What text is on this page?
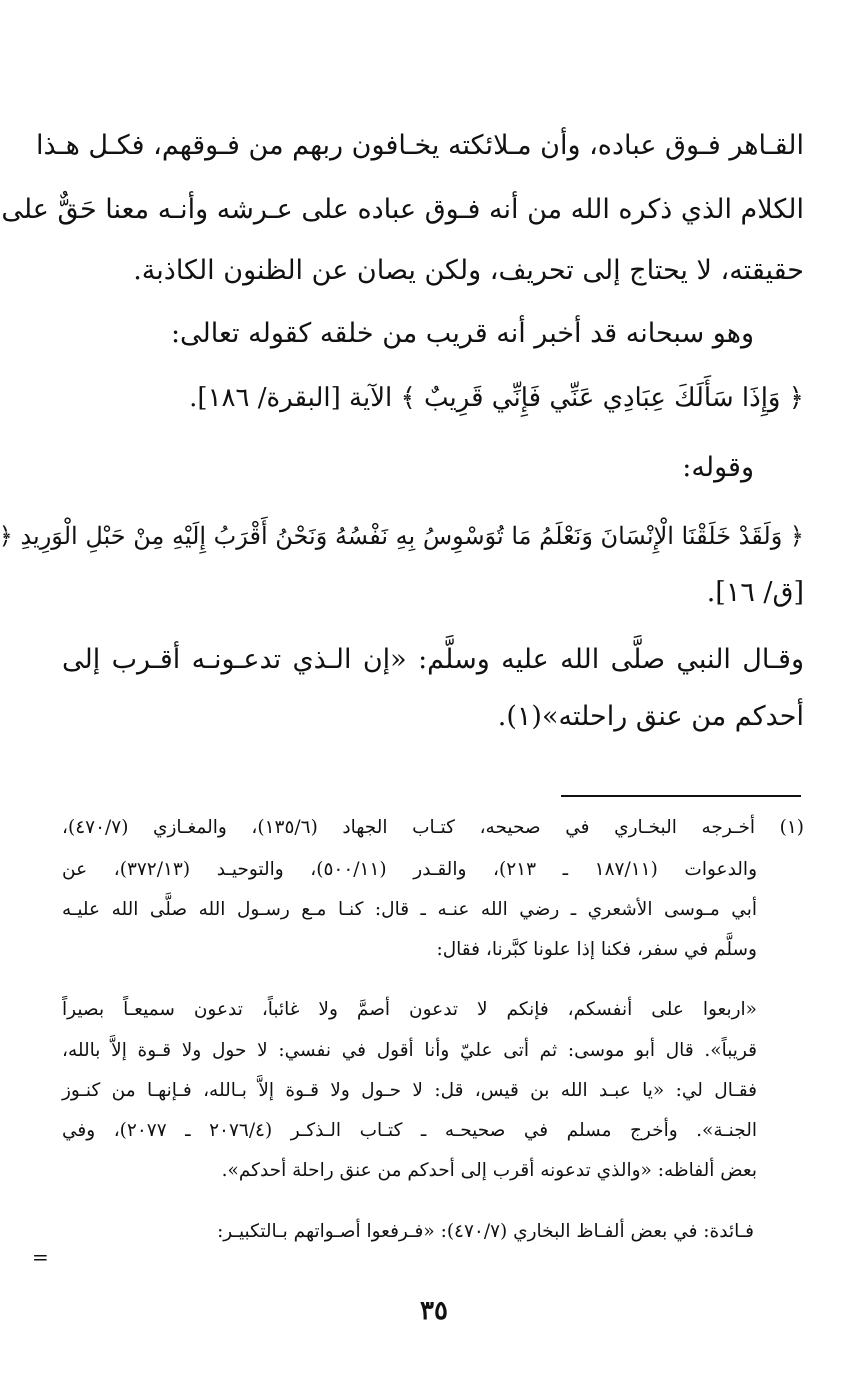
القـاهر فـوق عباده، وأن مـلائكته يخـافون ربهم من فـوقهم، فكـل هـذا
الكلام الذي ذكره الله من أنه فـوق عباده على عـرشه وأنـه معنا حَقٌّ على
حقيقته، لا يحتاج إلى تحريف، ولكن يصان عن الظنون الكاذبة.
وهو سبحانه قد أخبر أنه قريب من خلقه كقوله تعالى:
﴿ وَإِذَا سَأَلَكَ عِبَادِي عَنِّي فَإِنِّي قَرِيبٌ ﴾ الآية [البقرة/ ١٨٦].
وقوله:
﴿ وَلَقَدْ خَلَقْنَا الْإِنْسَانَ وَنَعْلَمُ مَا تُوَسْوِسُ بِهِ نَفْسُهُ وَنَحْنُ أَقْرَبُ إِلَيْهِ مِنْ حَبْلِ الْوَرِيدِ ﴿
[ق/ ١٦].
وقـال النبي صلَّى الله عليه وسلَّم: «إن الـذي تدعـونـه أقـرب إلى
أحدكم من عنق راحلته»(١).
(١) أخـرجه البخـاري في صحيحه، كتـاب الجهاد (١٣٥/٦)، والمغـازي (٤٧٠/٧)،
والدعوات (١٨٧/١١ ـ ٢١٣)، والقـدر (٥٠٠/١١)، والتوحيـد (٣٧٢/١٣)، عن
أبي مـوسى الأشعري ـ رضي الله عنـه ـ قال: كنـا مـع رسـول الله صلَّى الله عليـه
وسلَّم في سفر، فكنا إذا علونا كبَّرنا، فقال:
«اربعوا على أنفسكم، فإنكم لا تدعون أصمَّ ولا غائباً، تدعون سميعـاً بصيراً
قريباً». قال أبو موسى: ثم أتى عليّ وأنا أقول في نفسي: لا حول ولا قـوة إلاَّ بالله،
فقـال لي: «يا عبـد الله بن قيس، قل: لا حـول ولا قـوة إلاَّ بـالله، فـإنهـا من كنـوز
الجنـة». وأخرج مسلم في صحيحـه ـ كتـاب الـذكـر (٢٠٧٦/٤ ـ ٢٠٧٧)، وفي
بعض ألفاظه: «والذي تدعونه أقرب إلى أحدكم من عنق راحلة أحدكم».
فـائدة: في بعض ألفـاظ البخاري (٤٧٠/٧): «فـرفعوا أصـواتهم بـالتكبيـر:
=
٣٥
